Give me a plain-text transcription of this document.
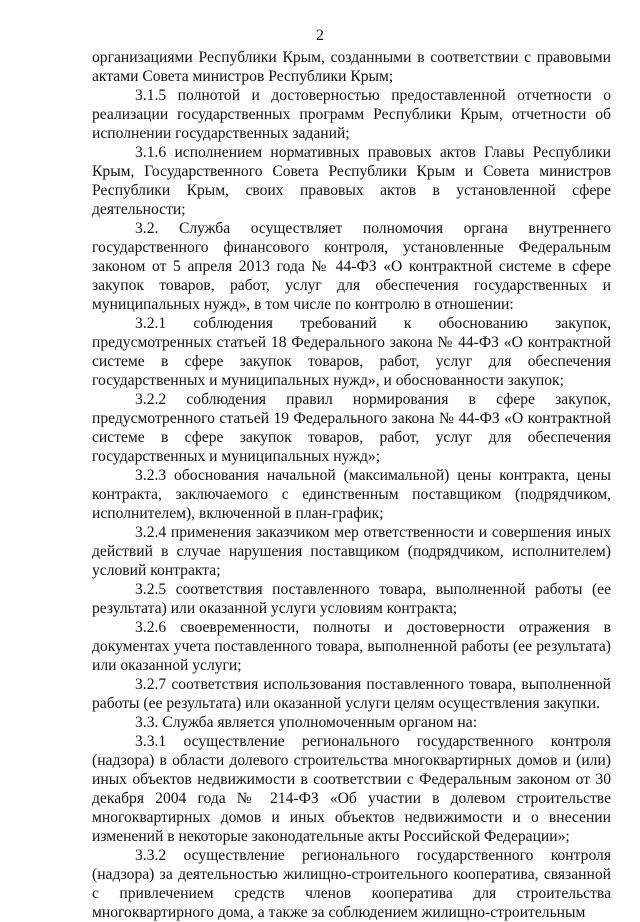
2

организациями Республики Крым, созданными в соответствии с правовыми актами Совета министров Республики Крым;

3.1.5 полнотой и достоверностью предоставленной отчетности о реализации государственных программ Республики Крым, отчетности об исполнении государственных заданий;

3.1.6 исполнением нормативных правовых актов Главы Республики Крым, Государственного Совета Республики Крым и Совета министров Республики Крым, своих правовых актов в установленной сфере деятельности;

3.2. Служба осуществляет полномочия органа внутреннего государственного финансового контроля, установленные Федеральным законом от 5 апреля 2013 года № 44-ФЗ «О контрактной системе в сфере закупок товаров, работ, услуг для обеспечения государственных и муниципальных нужд», в том числе по контролю в отношении:

3.2.1 соблюдения требований к обоснованию закупок, предусмотренных статьей 18 Федерального закона № 44-ФЗ «О контрактной системе в сфере закупок товаров, работ, услуг для обеспечения государственных и муниципальных нужд», и обоснованности закупок;

3.2.2 соблюдения правил нормирования в сфере закупок, предусмотренного статьей 19 Федерального закона № 44-ФЗ «О контрактной системе в сфере закупок товаров, работ, услуг для обеспечения государственных и муниципальных нужд»;

3.2.3 обоснования начальной (максимальной) цены контракта, цены контракта, заключаемого с единственным поставщиком (подрядчиком, исполнителем), включенной в план-график;

3.2.4 применения заказчиком мер ответственности и совершения иных действий в случае нарушения поставщиком (подрядчиком, исполнителем) условий контракта;

3.2.5 соответствия поставленного товара, выполненной работы (ее результата) или оказанной услуги условиям контракта;

3.2.6 своевременности, полноты и достоверности отражения в документах учета поставленного товара, выполненной работы (ее результата) или оказанной услуги;

3.2.7 соответствия использования поставленного товара, выполненной работы (ее результата) или оказанной услуги целям осуществления закупки.

3.3. Служба является уполномоченным органом на:

3.3.1 осуществление регионального государственного контроля (надзора) в области долевого строительства многоквартирных домов и (или) иных объектов недвижимости в соответствии с Федеральным законом от 30 декабря 2004 года № 214-ФЗ «Об участии в долевом строительстве многоквартирных домов и иных объектов недвижимости и о внесении изменений в некоторые законодательные акты Российской Федерации»;

3.3.2 осуществление регионального государственного контроля (надзора) за деятельностью жилищно-строительного кооператива, связанной с привлечением средств членов кооператива для строительства многоквартирного дома, а также за соблюдением жилищно-строительным
